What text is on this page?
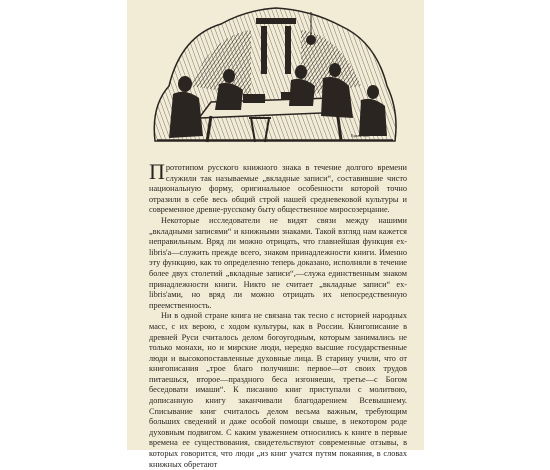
Кравченко

Прототипом русского книжного знака в течение долгого времени служили так называемые „вкладные записи“, составившие чисто национальную форму, оригинальное особенности которой точно отразили в себе весь общий строй нашей средневековой культуры и современное древне-русскому быту общественное миросозерцание.

Некоторые исследователи не видят связи между нашими „вкладными записями“ и книжными знаками. Такой взгляд нам кажется неправильным. Вряд ли можно отрицать, что главнейшая функция ex-libris'a—служить прежде всего, знаком принадлежности книги. Именно эту функцию, как то определенно теперь доказано, исполняли в течение более двух столетий „вкладные записи“,—служа единственным знаком принадлежности книги. Никто не считает „вкладные записи“ ex-libris'ами, но вряд ли можно отрицать их непосредственную преемственность.

Ни в одной стране книга не связана так тесно с историей народных масс, с их верою, с ходом культуры, как в России. Книгописание в древней Руси считалось делом богоугодным, которым занимались не только монахи, но и мирские люди, нередко высшие государственные люди и высокопоставленные духовные лица. В старину учили, что от книгописания „трое благо получиши: первое—от своих трудов питаешься, второе—праздного беса изгоняеши, третье—с Богом беседовати имаши“. К писанию книг приступали с молитвою, дописанную книгу заканчивали благодарением Всевышнему. Списывание книг считалось делом весьма важным, требующим больших сведений и даже особой помощи свыше, в некотором роде духовным подвигом. С каким уважением относились к книге в первые времена ее существования, свидетельствуют современные отзывы, в которых говорится, что люди „из книг учатся путям покаяния, в словах книжных обретают
